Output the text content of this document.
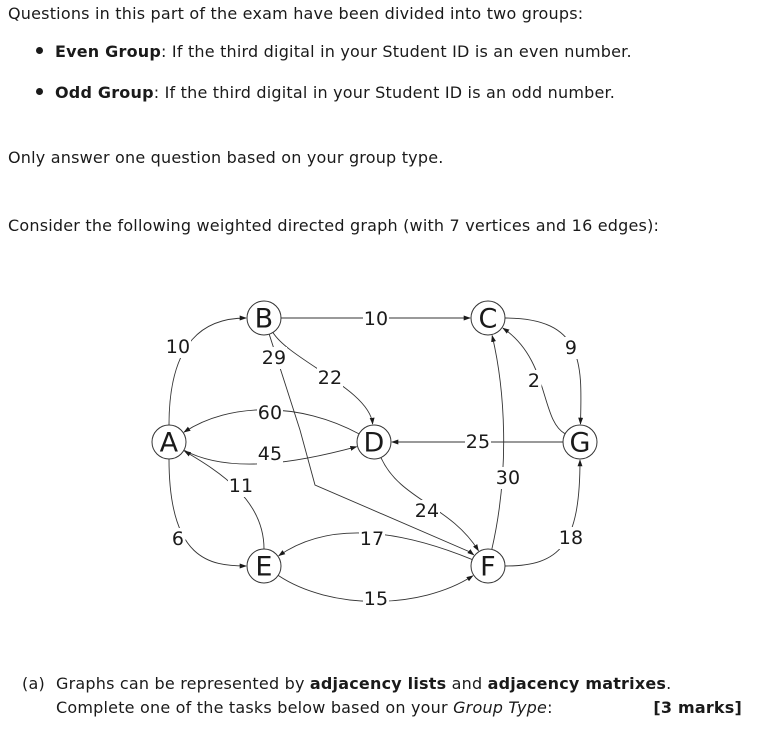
Questions in this part of the exam have been divided into two groups:
Even Group: If the third digital in your Student ID is an even number.
Odd Group: If the third digital in your Student ID is an odd number.
Only answer one question based on your group type.
Consider the following weighted directed graph (with 7 vertices and 16 edges):
10
10
22
29	9
2
60
45
25
11
6
24
30
17
15
18
A
B	C
D
E	F
G
(a) Graphs can be represented by adjacency lists and adjacency matrixes. Complete one of the tasks below based on your Group Type:	[3 marks]
